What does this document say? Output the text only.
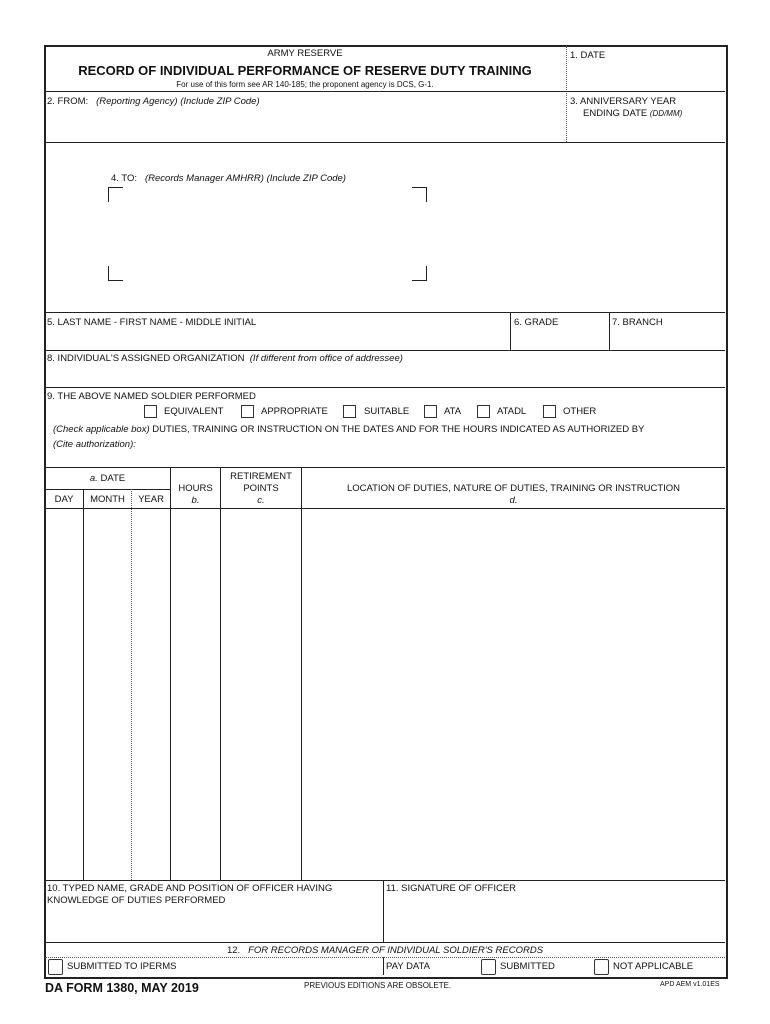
ARMY RESERVE
RECORD OF INDIVIDUAL PERFORMANCE OF RESERVE DUTY TRAINING
For use of this form see AR 140-185; the proponent agency is DCS, G-1.
1. DATE
2. FROM: (Reporting Agency) (Include ZIP Code)	3. ANNIVERSARY YEAR
ENDING DATE (DD/MM)
4. TO: (Records Manager AMHRR) (Include ZIP Code)
5. LAST NAME - FIRST NAME - MIDDLE INITIAL	6. GRADE	7. BRANCH
8. INDIVIDUAL'S ASSIGNED ORGANIZATION (If different from office of addressee)
9. THE ABOVE NAMED SOLDIER PERFORMED
EQUIVALENT	APPROPRIATE	SUITABLE	ATA	ATADL	OTHER
(Check applicable box) DUTIES, TRAINING OR INSTRUCTION ON THE DATES AND FOR THE HOURS INDICATED AS AUTHORIZED BY
(Cite authorization):
a. DATE
DAY	MONTH	YEAR
HOURS
b.
RETIREMENT
POINTS
c.
LOCATION OF DUTIES, NATURE OF DUTIES, TRAINING OR INSTRUCTION
d.
10. TYPED NAME, GRADE AND POSITION OF OFFICER HAVING
KNOWLEDGE OF DUTIES PERFORMED
11. SIGNATURE OF OFFICER
12. FOR RECORDS MANAGER OF INDIVIDUAL SOLDIER'S RECORDS
SUBMITTED TO IPERMS	PAY DATA	SUBMITTED	NOT APPLICABLE
DA FORM 1380, MAY 2019	PREVIOUS EDITIONS ARE OBSOLETE.	APD AEM v1.01ES
